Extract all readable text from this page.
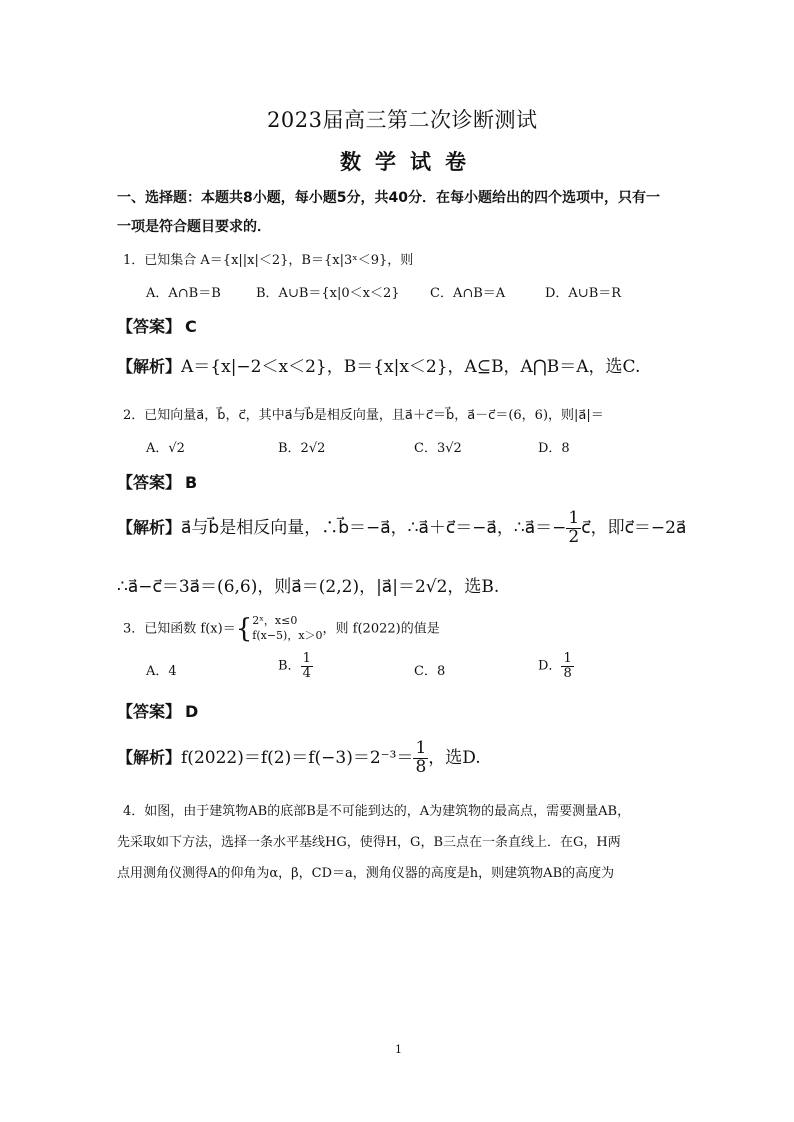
2023届高三第二次诊断测试
数学试卷
一、选择题：本题共8小题，每小题5分，共40分．在每小题给出的四个选项中，只有一
一项是符合题目要求的．
1．已知集合 A＝{x||x|＜2}，B＝{x|3ˣ＜9}，则
A．A∩B＝B	B．A∪B＝{x|0＜x＜2} C．A∩B＝A	D．A∪B＝R
【答案】 C
【解析】A＝{x|−2＜x＜2}，B＝{x|x＜2}，A⊆B，A⋂B＝A，选C.
2．已知向量a⃗，b⃗，c⃗，其中a⃗与b⃗是相反向量，且a⃗＋c⃗＝b⃗，a⃗－c⃗＝(6，6)，则|a⃗|＝
A．√2	B．2√2	C．3√2	D．8
【答案】 B
【解析】a⃗与b⃗是相反向量，∴b⃗＝−a⃗，∴a⃗＋c⃗＝−a⃗，∴a⃗＝− $\frac{1}{2}$ c⃗，即c⃗＝−2a⃗
∴a⃗−c⃗＝3a⃗＝(6,6)，则a⃗＝(2,2)，|a⃗|＝2√2，选B.
3．已知函数 f(x)＝{ 2ˣ，x≤0
f(x−5)，x＞0 ，则 f(2022)的值是
A．4	B． $\frac{1}{4}$	C．8	D． $\frac{1}{8}$
【答案】 D
【解析】$f(2022)=f(2)=f(-3)=2^{-3}= \frac{1}{8}$ ，选D.
4．如图，由于建筑物AB的底部B是不可能到达的，A为建筑物的最高点，需要测量AB，
先采取如下方法，选择一条水平基线HG，使得H，G，B三点在一条直线上．在G，H两
点用测角仪测得A的仰角为α，β，CD＝a，测角仪器的高度是h，则建筑物AB的高度为
1
